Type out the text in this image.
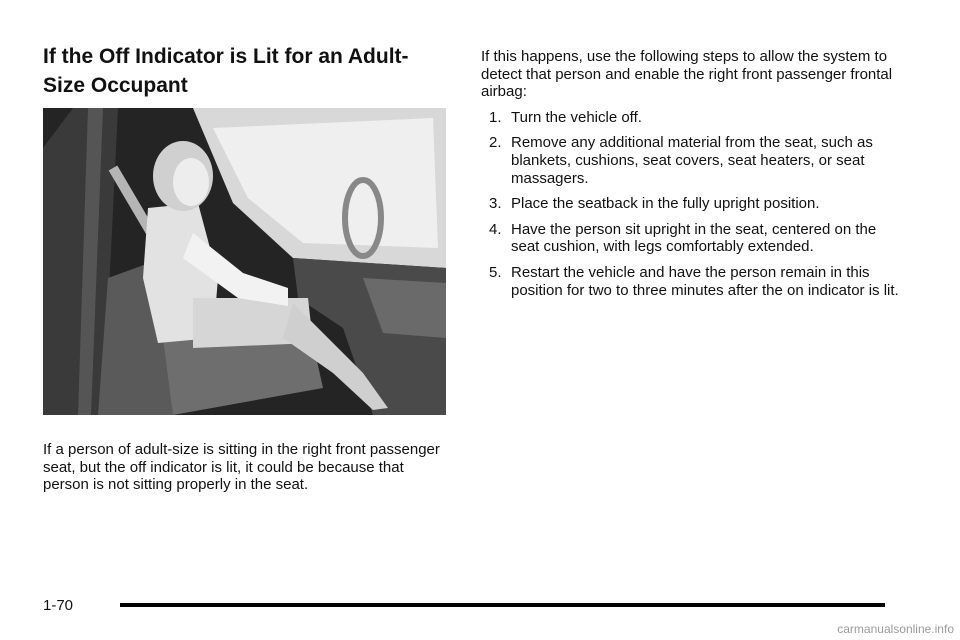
If the Off Indicator is Lit for an Adult-Size Occupant

If a person of adult-size is sitting in the right front passenger seat, but the off indicator is lit, it could be because that person is not sitting properly in the seat.

If this happens, use the following steps to allow the system to detect that person and enable the right front passenger frontal airbag:

1. Turn the vehicle off.
2. Remove any additional material from the seat, such as blankets, cushions, seat covers, seat heaters, or seat massagers.
3. Place the seatback in the fully upright position.
4. Have the person sit upright in the seat, centered on the seat cushion, with legs comfortably extended.
5. Restart the vehicle and have the person remain in this position for two to three minutes after the on indicator is lit.
1-70
carmanualsonline.info
